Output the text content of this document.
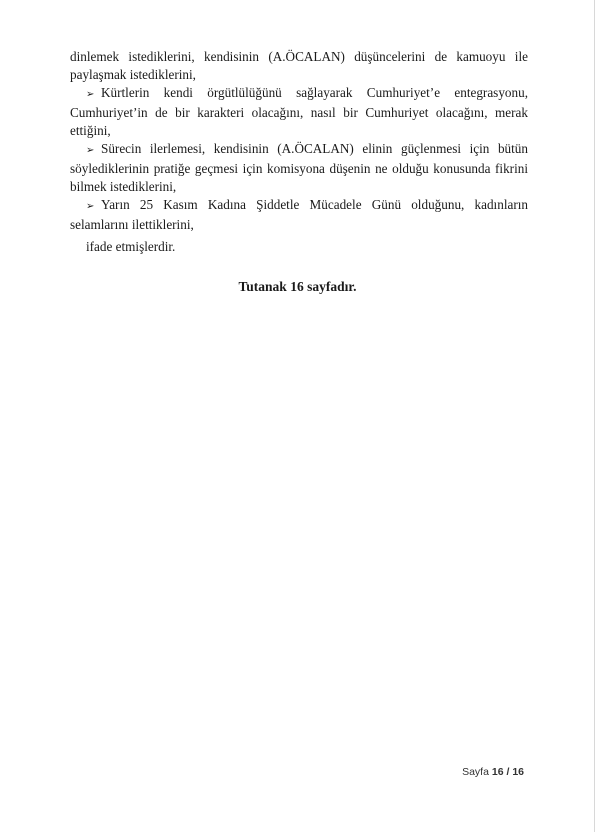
dinlemek istediklerini, kendisinin (A.ÖCALAN) düşüncelerini de kamuoyu ile paylaşmak istediklerini,

➢ Kürtlerin kendi örgütlülüğünü sağlayarak Cumhuriyet’e entegrasyonu, Cumhuriyet’in de bir karakteri olacağını, nasıl bir Cumhuriyet olacağını, merak ettiğini,

➢ Sürecin ilerlemesi, kendisinin (A.ÖCALAN) elinin güçlenmesi için bütün söylediklerinin pratiğe geçmesi için komisyona düşenin ne olduğu konusunda fikrini bilmek istediklerini,

➢ Yarın 25 Kasım Kadına Şiddetle Mücadele Günü olduğunu, kadınların selamlarını ilettiklerini,

ifade etmişlerdir.

Tutanak 16 sayfadır.
Sayfa 16 / 16
